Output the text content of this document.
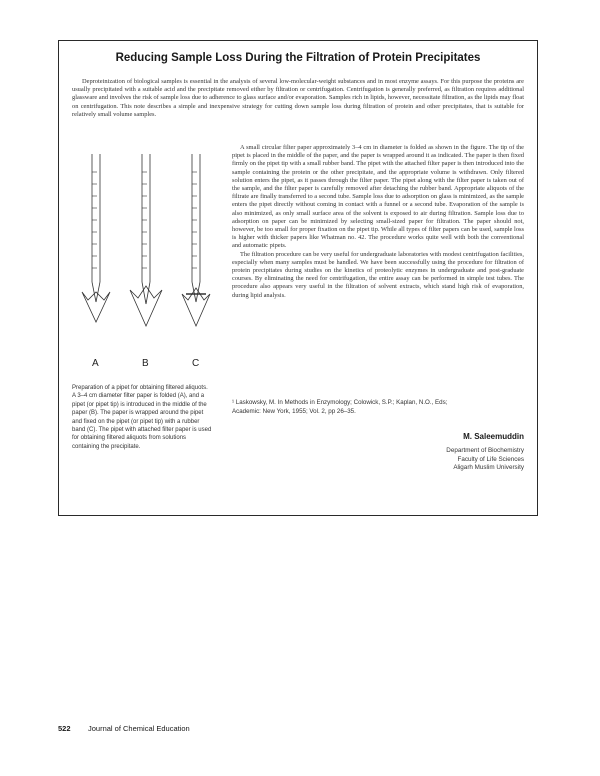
Reducing Sample Loss During the Filtration of Protein Precipitates

Deproteinization of biological samples is essential in the analysis of several low-molecular-weight substances and in most enzyme assays. For this purpose the proteins are usually precipitated with a suitable acid and the precipitate removed either by filtration or centrifugation. Centrifugation is generally preferred, as filtration requires additional glassware and involves the risk of sample loss due to adherence to glass surface and/or evaporation. Samples rich in lipids, however, necessitate filtration, as the lipids may float on centrifugation. This note describes a simple and inexpensive strategy for cutting down sample loss during filtration of protein and other precipitates, that is suitable for relatively small volume samples.

A	B	C

A small circular filter paper approximately 3–4 cm in diameter is folded as shown in the figure. The tip of the pipet is placed in the middle of the paper, and the paper is wrapped around it as indicated. The paper is then fixed firmly on the pipet tip with a small rubber band. The pipet with the attached filter paper is then introduced into the sample containing the protein or the other precipitate, and the appropriate volume is withdrawn. Only filtered solution enters the pipet, as it passes through the filter paper. The pipet along with the filter paper is taken out of the sample, and the filter paper is carefully removed after detaching the rubber band. Appropriate aliquots of the filtrate are finally transferred to a second tube. Sample loss due to adsorption on glass is minimized, as the sample enters the pipet directly without coming in contact with a funnel or a second tube. Evaporation of the sample is also minimized, as only small surface area of the solvent is exposed to air during filtration. Sample loss due to adsorption on paper can be minimized by selecting small-sized paper for filtration. The paper should not, however, be too small for proper fixation on the pipet tip. While all types of filter papers can be used, sample loss is higher with thicker papers like Whatman no. 42. The procedure works quite well with both the conventional and automatic pipets.

The filtration procedure can be very useful for undergraduate laboratories with modest centrifugation facilities, especially when many samples must be handled. We have been successfully using the procedure for filtration of protein precipitates during studies on the kinetics of proteolytic enzymes in undergraduate and post-graduate courses. By eliminating the need for centrifugation, the entire assay can be performed in simple test tubes. The procedure also appears very useful in the filtration of solvent extracts, which stand high risk of evaporation, during lipid analysis.

Preparation of a pipet for obtaining filtered aliquots. A 3–4 cm diameter filter paper is folded (A), and a pipet (or pipet tip) is introduced in the middle of the paper (B). The paper is wrapped around the pipet and fixed on the pipet (or pipet tip) with a rubber band (C). The pipet with attached filter paper is used for obtaining filtered aliquots from solutions containing the precipitate.

¹ Laskowsky, M. In Methods in Enzymology; Colowick, S.P.; Kaplan, N.O., Eds;
Academic: New York, 1955; Vol. 2, pp 26–35.

M. Saleemuddin

Department of Biochemistry
Faculty of Life Sciences
Aligarh Muslim University
522 Journal of Chemical Education
